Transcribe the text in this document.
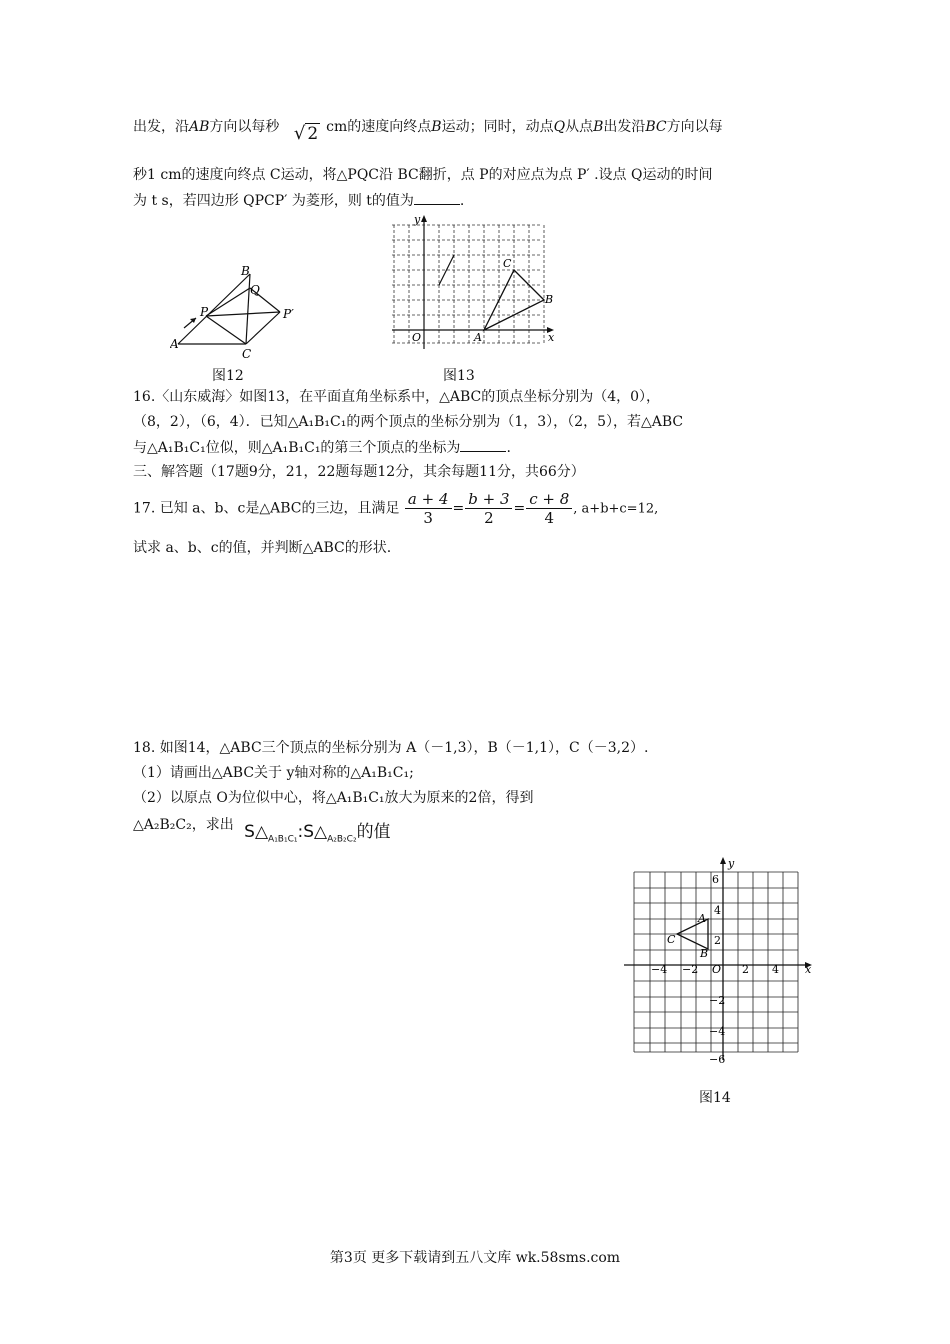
出发，沿AB方向以每秒 √ 2 cm的速度向终点B运动；同时，动点Q从点B出发沿BC方向以每
秒1 cm的速度向终点 C运动，将△PQC沿 BC翻折，点 P的对应点为点 P′ .设点 Q运动的时间
为 t s，若四边形 QPCP′ 为菱形，则 t的值为	.
A
B
Q
P	P′
C
图12
y
x
O	A
B
C
图13
16.〈山东威海〉如图13，在平面直角坐标系中，△ABC的顶点坐标分别为（4，0），
（8，2），（6，4）．已知△A₁B₁C₁的两个顶点的坐标分别为（1，3），（2，5），若△ABC
与△A₁B₁C₁位似，则△A₁B₁C₁的第三个顶点的坐标为	.
三、解答题（17题9分，21，22题每题12分，其余每题11分，共66分）
17. 已知 a、b、c是△ABC的三边，且满足 $\frac{a + 4}{3} = \frac{b + 3}{2} = \frac{c + 8}{4}$ , a+b+c=12,
试求 a、b、c的值，并判断△ABC的形状.
18. 如图14，△ABC三个顶点的坐标分别为 A（－1,3），B（－1,1），C（－3,2）.
（1）请画出△ABC关于 y轴对称的△A₁B₁C₁;
（2）以原点 O为位似中心，将△A₁B₁C₁放大为原来的2倍，得到
△A₂B₂C₂，求出 $S\triangle_{A_1B_1C_1}:S\triangle_{A_2B_2C_2}$的值
y
x
O
A
B
C
6
4
2
−2
−4
−6
−4 −2	2 4
图14
第3页 更多下载请到五八文库 wk.58sms.com
